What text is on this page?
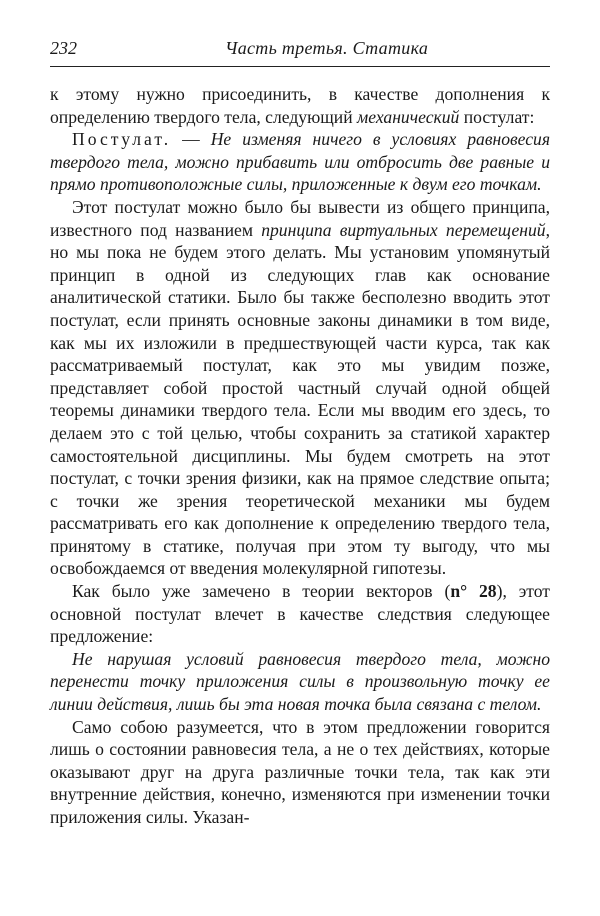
232	Часть третья. Статика

к этому нужно присоединить, в качестве дополнения к определению твердого тела, следующий механический постулат:

Постулат. — Не изменяя ничего в условиях равновесия твердого тела, можно прибавить или отбросить две равные и прямо противоположные силы, приложенные к двум его точкам.

Этот постулат можно было бы вывести из общего принципа, известного под названием принципа виртуальных перемещений, но мы пока не будем этого делать. Мы установим упомянутый принцип в одной из следующих глав как основание аналитической статики. Было бы также бесполезно вводить этот постулат, если принять основные законы динамики в том виде, как мы их изложили в предшествующей части курса, так как рассматриваемый постулат, как это мы увидим позже, представляет собой простой частный случай одной общей теоремы динамики твердого тела. Если мы вводим его здесь, то делаем это с той целью, чтобы сохранить за статикой характер самостоятельной дисциплины. Мы будем смотреть на этот постулат, с точки зрения физики, как на прямое следствие опыта; с точки же зрения теоретической механики мы будем рассматривать его как дополнение к определению твердого тела, принятому в статике, получая при этом ту выгоду, что мы освобождаемся от введения молекулярной гипотезы.

Как было уже замечено в теории векторов (n° 28), этот основной постулат влечет в качестве следствия следующее предложение:

Не нарушая условий равновесия твердого тела, можно перенести точку приложения силы в произвольную точку ее линии действия, лишь бы эта новая точка была связана с телом.

Само собою разумеется, что в этом предложении говорится лишь о состоянии равновесия тела, а не о тех действиях, которые оказывают друг на друга различные точки тела, так как эти внутренние действия, конечно, изменяются при изменении точки приложения силы. Указан-
